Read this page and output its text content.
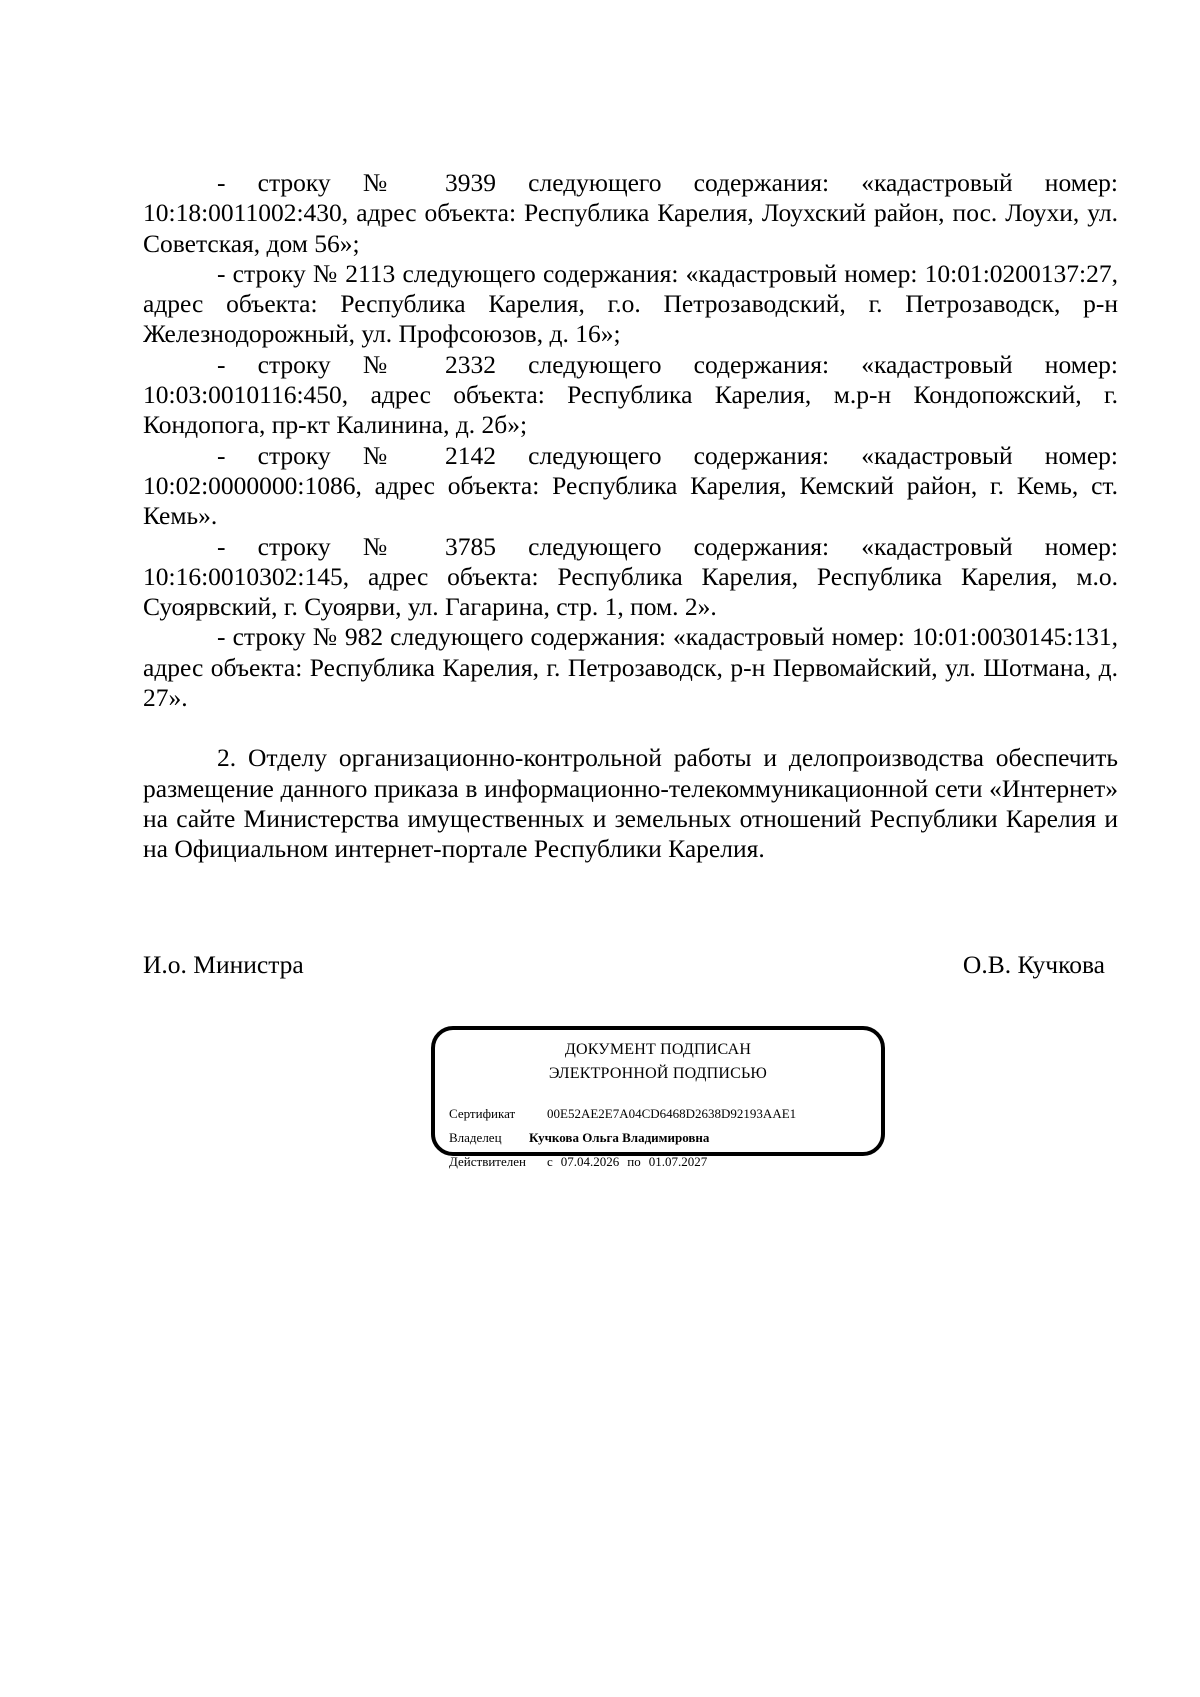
- строку № 3939 следующего содержания: «кадастровый номер: 10:18:0011002:430, адрес объекта: Республика Карелия, Лоухский район, пос. Лоухи, ул. Советская, дом 56»;

- строку № 2113 следующего содержания: «кадастровый номер: 10:01:0200137:27, адрес объекта: Республика Карелия, г.о. Петрозаводский, г. Петрозаводск, р-н Железнодорожный, ул. Профсоюзов, д. 16»;

- строку № 2332 следующего содержания: «кадастровый номер: 10:03:0010116:450, адрес объекта: Республика Карелия, м.р-н Кондопожский, г. Кондопога, пр-кт Калинина, д. 2б»;

- строку № 2142 следующего содержания: «кадастровый номер: 10:02:0000000:1086, адрес объекта: Республика Карелия, Кемский район, г. Кемь, ст. Кемь».

- строку № 3785 следующего содержания: «кадастровый номер: 10:16:0010302:145, адрес объекта: Республика Карелия, Республика Карелия, м.о. Суоярвский, г. Суоярви, ул. Гагарина, стр. 1, пом. 2».

- строку № 982 следующего содержания: «кадастровый номер: 10:01:0030145:131, адрес объекта: Республика Карелия, г. Петрозаводск, р-н Первомайский, ул. Шотмана, д. 27».

2. Отделу организационно-контрольной работы и делопроизводства обеспечить размещение данного приказа в информационно-телекоммуникационной сети «Интернет» на сайте Министерства имущественных и земельных отношений Республики Карелия и на Официальном интернет-портале Республики Карелия.

И.о. Министра	О.В. Кучкова
ДОКУМЕНТ ПОДПИСАН
ЭЛЕКТРОННОЙ ПОДПИСЬЮ
Сертификат 00E52AE2E7A04CD6468D2638D92193AAE1
Владелец Кучкова Ольга Владимировна
Действителен с 07.04.2026 по 01.07.2027
